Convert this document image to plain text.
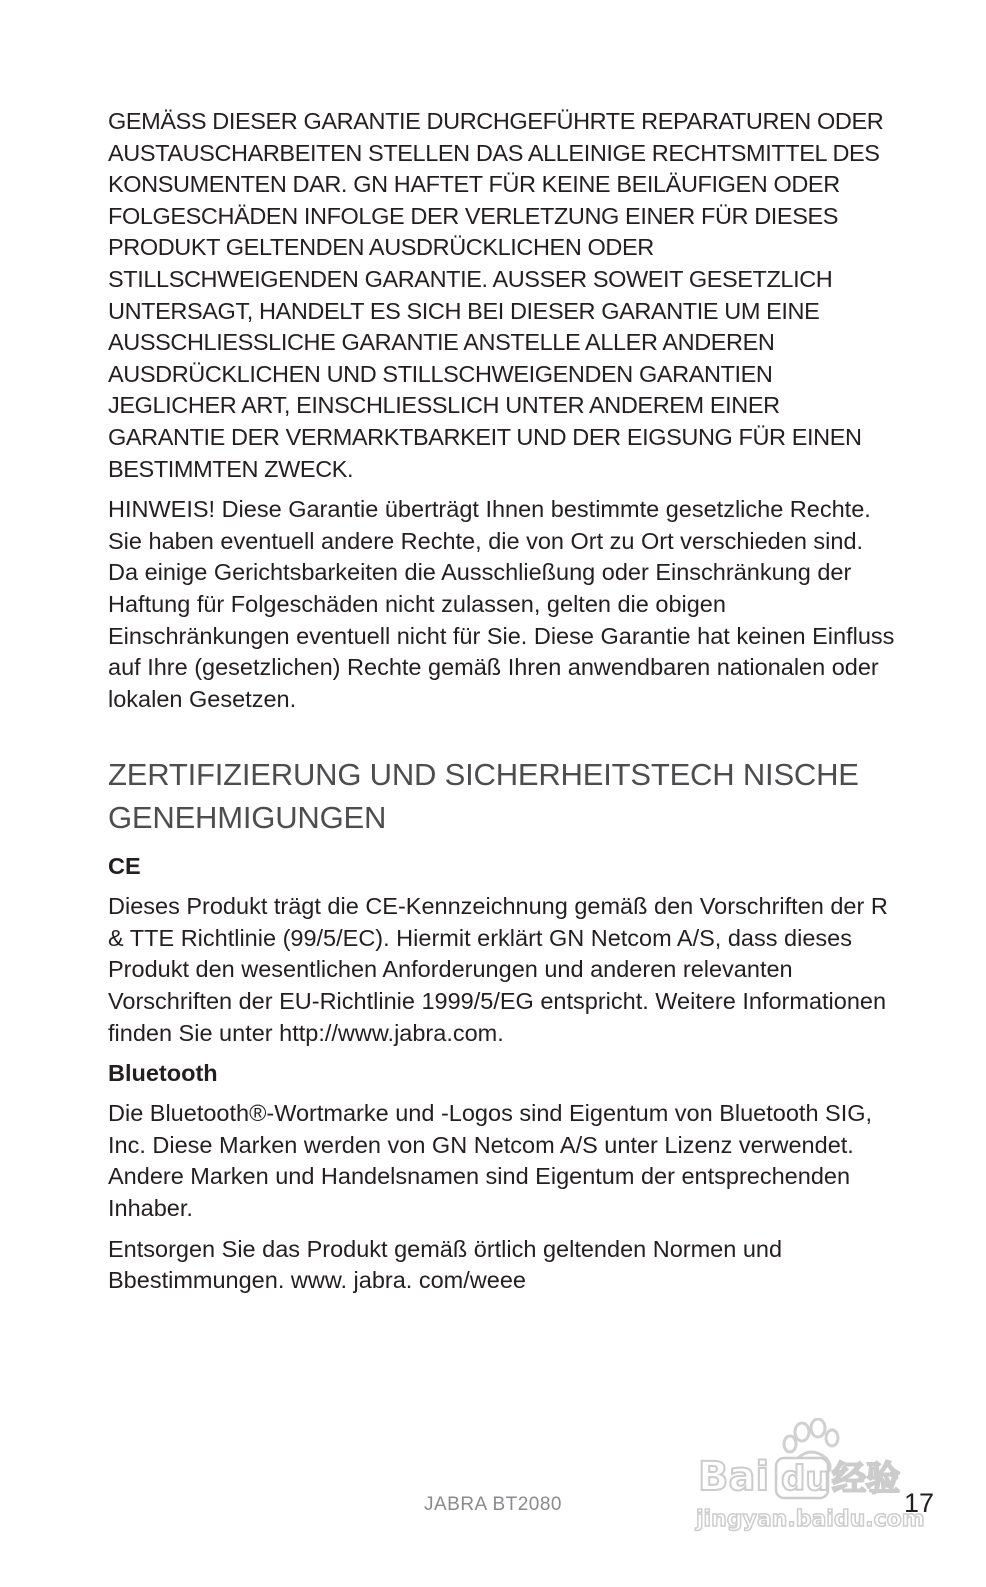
GEMÄSS DIESER GARANTIE DURCHGEFÜHRTE REPARATUREN ODER AUSTAUSCHARBEITEN STELLEN DAS ALLEINIGE RECHTSMITTEL DES KONSUMENTEN DAR. GN HAFTET FÜR KEINE BEILÄUFIGEN ODER FOLGESCHÄDEN INFOLGE DER VERLETZUNG EINER FÜR DIESES PRODUKT GELTENDEN AUSDRÜCKLICHEN ODER STILLSCHWEIGENDEN GARANTIE. AUSSER SOWEIT GESETZLICH UNTERSAGT, HANDELT ES SICH BEI DIESER GARANTIE UM EINE AUSSCHLIESSLICHE GARANTIE ANSTELLE ALLER ANDEREN AUSDRÜCKLICHEN UND STILLSCHWEIGENDEN GARANTIEN JEGLICHER ART, EINSCHLIESSLICH UNTER ANDEREM EINER GARANTIE DER VERMARKTBARKEIT UND DER EIGSUNG FÜR EINEN BESTIMMTEN ZWECK.

HINWEIS! Diese Garantie überträgt Ihnen bestimmte gesetzliche Rechte. Sie haben eventuell andere Rechte, die von Ort zu Ort verschieden sind. Da einige Gerichtsbarkeiten die Ausschließung oder Einschränkung der Haftung für Folgeschäden nicht zulassen, gelten die obigen Einschränkungen eventuell nicht für Sie. Diese Garantie hat keinen Einfluss auf Ihre (gesetzlichen) Rechte gemäß Ihren anwendbaren nationalen oder lokalen Gesetzen.

ZERTIFIZIERUNG UND SICHERHEITSTECH NISCHE GENEHMIGUNGEN
CE

Dieses Produkt trägt die CE-Kennzeichnung gemäß den Vorschriften der R & TTE Richtlinie (99/5/EC). Hiermit erklärt GN Netcom A/S, dass dieses Produkt den wesentlichen Anforderungen und anderen relevanten Vorschriften der EU-Richtlinie 1999/5/EG entspricht. Weitere Informationen finden Sie unter http://www.jabra.com.

Bluetooth

Die Bluetooth®-Wortmarke und -Logos sind Eigentum von Bluetooth SIG, Inc. Diese Marken werden von GN Netcom A/S unter Lizenz verwendet. Andere Marken und Handelsnamen sind Eigentum der entsprechenden Inhaber.

Entsorgen Sie das Produkt gemäß örtlich geltenden Normen und Bbestimmungen. www. jabra. com/weee

JABRA BT2080	17
Bai du 经验
jingyan.baidu.com
